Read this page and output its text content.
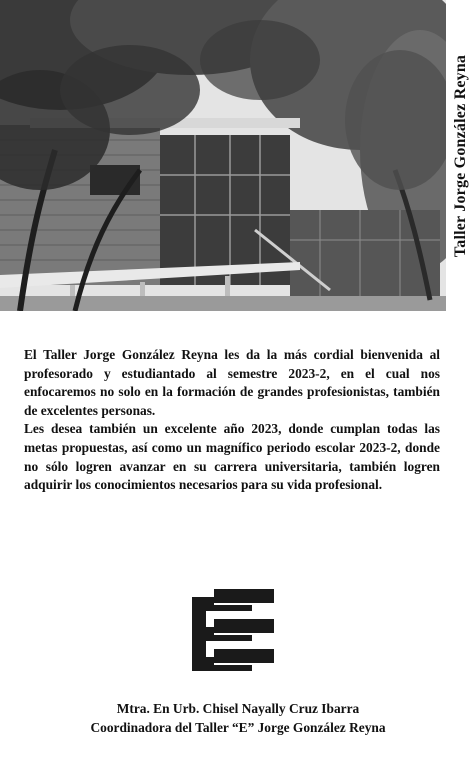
Taller Jorge González Reyna

El Taller Jorge González Reyna les da la más cordial bienvenida al profesorado y estudiantado al semestre 2023-2, en el cual nos enfocaremos no solo en la formación de grandes profesionistas, también de excelentes personas.

Les desea también un excelente año 2023, donde cumplan todas las metas propuestas, así como un magnífico periodo escolar 2023-2, donde no sólo logren avanzar en su carrera universitaria, también logren adquirir los conocimientos necesarios para su vida profesional.

Mtra. En Urb. Chisel Nayally Cruz Ibarra
Coordinadora del Taller “E” Jorge González Reyna
